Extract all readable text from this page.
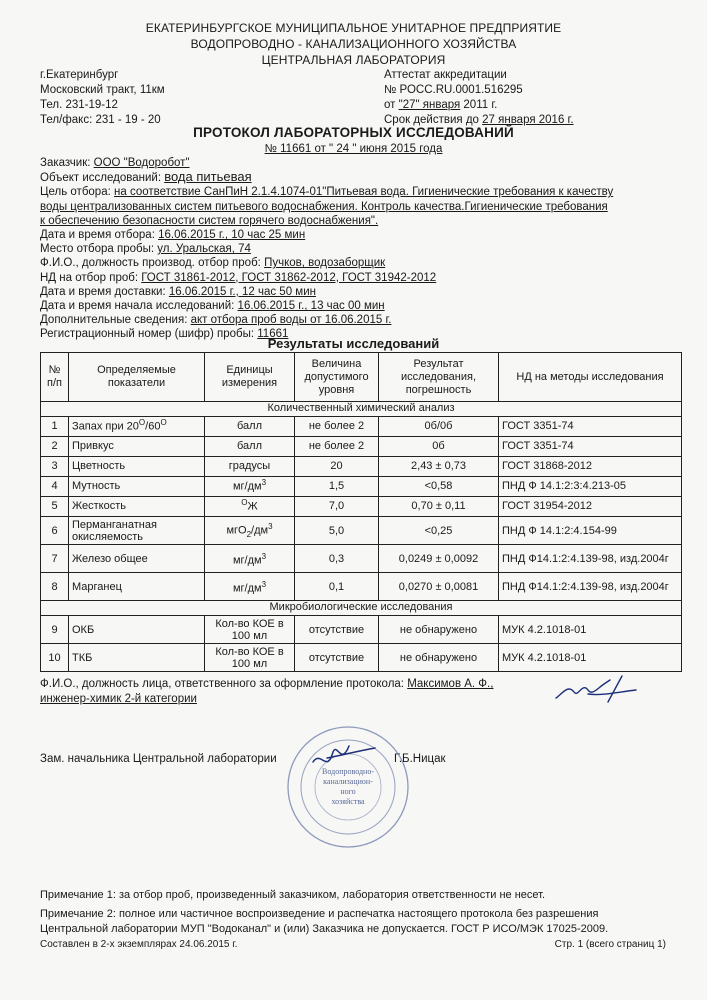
ЕКАТЕРИНБУРГСКОЕ МУНИЦИПАЛЬНОЕ УНИТАРНОЕ ПРЕДПРИЯТИЕ
ВОДОПРОВОДНО - КАНАЛИЗАЦИОННОГО ХОЗЯЙСТВА
ЦЕНТРАЛЬНАЯ ЛАБОРАТОРИЯ
г.Екатеринбург
Московский тракт, 11км
Тел. 231-19-12
Тел/факс: 231 - 19 - 20
Аттестат аккредитации
№ РОСС.RU.0001.516295
от "27" января 2011 г.
Срок действия до 27 января 2016 г.
ПРОТОКОЛ ЛАБОРАТОРНЫХ ИССЛЕДОВАНИЙ
№ 11661 от " 24 " июня 2015 года
Заказчик: ООО "Водоробот"
Объект исследований: вода питьевая
Цель отбора: на соответствие СанПиН 2.1.4.1074-01"Питьевая вода. Гигиенические требования к качеству
воды централизованных систем питьевого водоснабжения. Контроль качества.Гигиенические требования
к обеспечению безопасности систем горячего водоснабжения".
Дата и время отбора: 16.06.2015 г., 10 час 25 мин
Место отбора пробы: ул. Уральская, 74
Ф.И.О., должность производ. отбор проб: Пучков, водозаборщик
НД на отбор проб: ГОСТ 31861-2012, ГОСТ 31862-2012, ГОСТ 31942-2012
Дата и время доставки: 16.06.2015 г., 12 час 50 мин
Дата и время начала исследований: 16.06.2015 г., 13 час 00 мин
Дополнительные сведения: акт отбора проб воды от 16.06.2015 г.
Регистрационный номер (шифр) пробы: 11661
Результаты исследований
№ п/п	Определяемые показатели	Единицы измерения	Величина допустимого уровня	Результат исследования, погрешность	НД на методы исследования
Количественный химический анализ					
1	Запах при $20^О/60^О$	балл	не более 2	0б/0б	ГОСТ 3351-74
2	Привкус	балл	не более 2	0б	ГОСТ 3351-74
3	Цветность	градусы	20	2,43 ± 0,73	ГОСТ 31868-2012
4	Мутность	$мг/дм^3$	1,5	<0,58	ПНД Ф 14.1:2:3:4.213-05
5	Жесткость	$^О$Ж	7,0	0,70 ± 0,11	ГОСТ 31954-2012
6	Перманганатная окисляемость	$мгО_2/дм^3$	5,0	<0,25	ПНД Ф 14.1:2:4.154-99
7	Железо общее	$мг/дм^3$	0,3	0,0249 ± 0,0092	ПНД Ф14.1:2:4.139-98, изд.2004г
8	Марганец	$мг/дм^3$	0,1	0,0270 ± 0,0081	ПНД Ф14.1:2:4.139-98, изд.2004г
Микробиологические исследования					
9	ОКБ	Кол-во КОЕ в 100 мл	отсутствие	не обнаружено	МУК 4.2.1018-01
10	ТКБ	Кол-во КОЕ в 100 мл	отсутствие	не обнаружено	МУК 4.2.1018-01
Ф.И.О., должность лица, ответственного за оформление протокола: Максимов А. Ф.,
инженер-химик 2-й категории
Зам. начальника Центральной лаборатории	Г.Б.Ницак
Водопроводно-
канализацион-
ного
хозяйства
Примечание 1: за отбор проб, произведенный заказчиком, лаборатория ответственности не несет.
Примечание 2: полное или частичное воспроизведение и распечатка настоящего протокола без разрешения
Центральной лаборатории МУП "Водоканал" и (или) Заказчика не допускается. ГОСТ Р ИСО/МЭК 17025-2009.
Составлен в 2-х экземплярах 24.06.2015 г.	Стр. 1 (всего страниц 1)
